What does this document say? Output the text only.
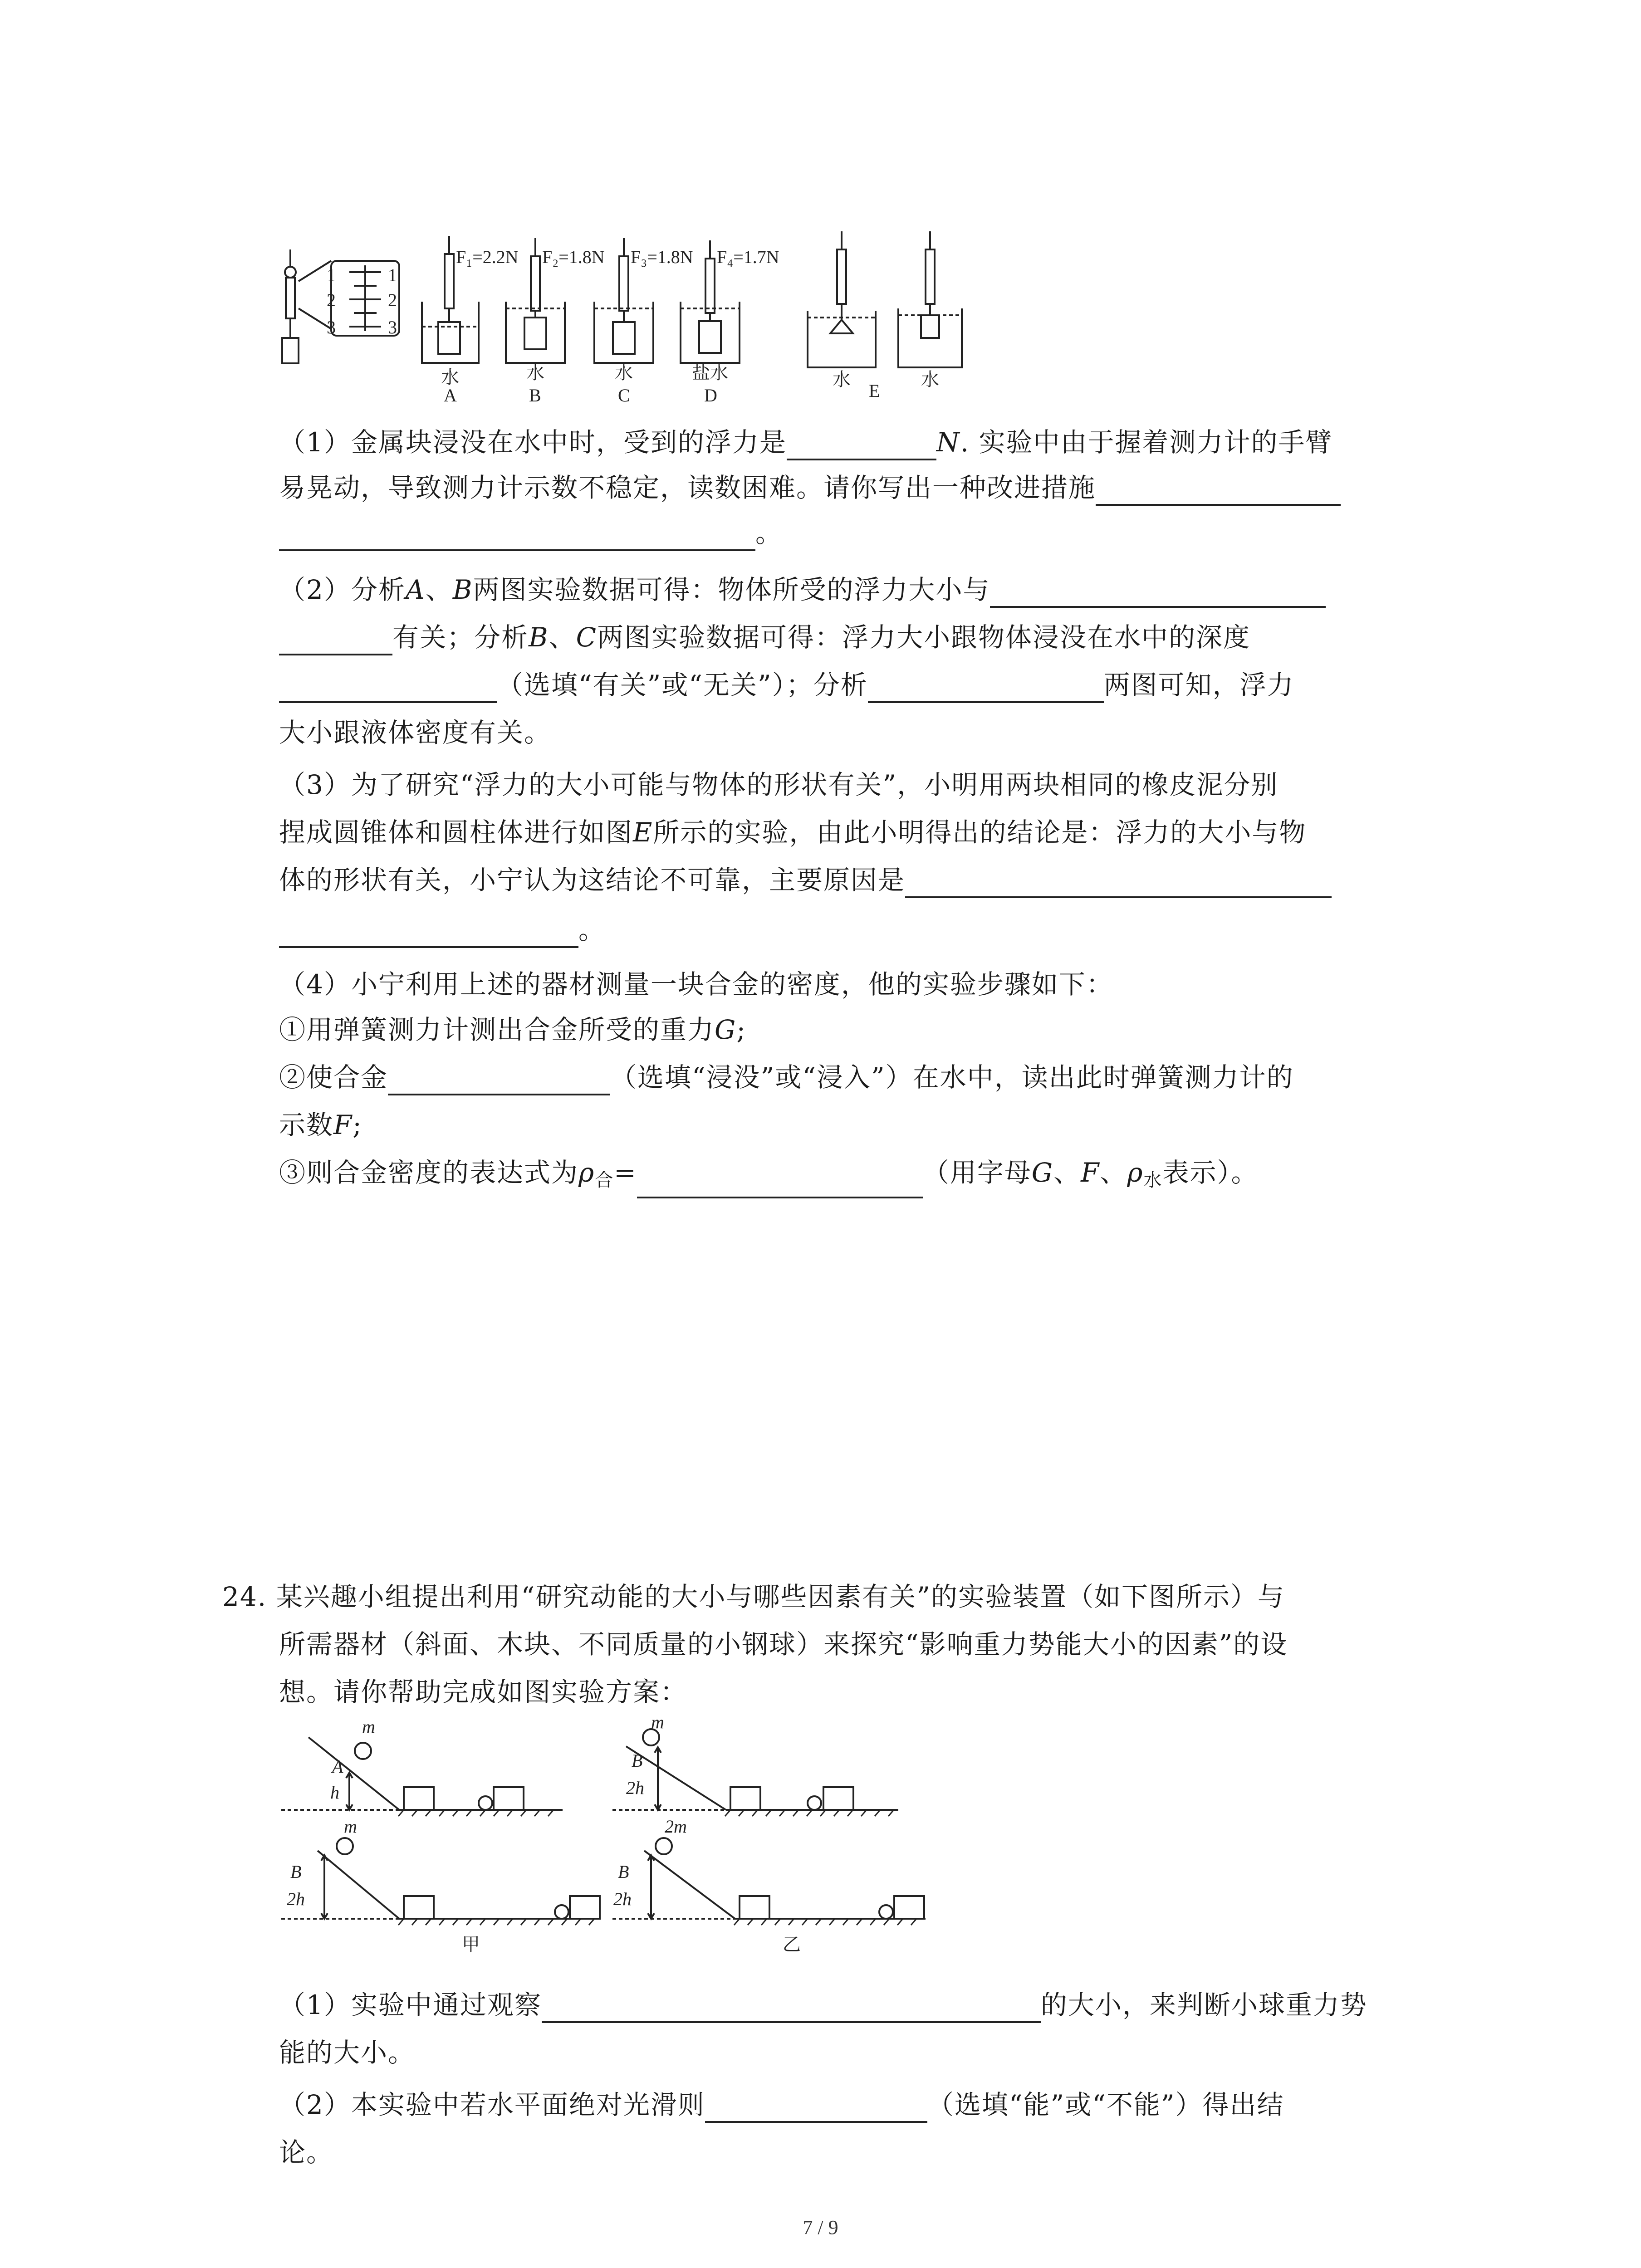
1
2
3
1
2
3
F₁=2.2N F₂=1.8N F₃=1.8N F₄=1.7N
水	水	水	盐水	水	水
A	B	C	D	E
（1）金属块浸没在水中时，受到的浮力是	N. 实验中由于握着测力计的手臂
易晃动，导致测力计示数不稳定，读数困难。请你写出一种改进措施
。
（2）分析A、B两图实验数据可得：物体所受的浮力大小与
有关；分析B、C两图实验数据可得：浮力大小跟物体浸没在水中的深度
（选填“有关”或“无关”）；分析	两图可知，浮力
大小跟液体密度有关。
（3）为了研究“浮力的大小可能与物体的形状有关”，小明用两块相同的橡皮泥分别
捏成圆锥体和圆柱体进行如图E所示的实验，由此小明得出的结论是：浮力的大小与物
体的形状有关，小宁认为这结论不可靠，主要原因是
。
（4）小宁利用上述的器材测量一块合金的密度，他的实验步骤如下：
①用弹簧测力计测出合金所受的重力G;
②使合金	（选填“浸没”或“浸入”）在水中，读出此时弹簧测力计的
示数F;
③则合金密度的表达式为$\rho_合=$	（用字母G、F、$\rho_水$表示）。
24. 某兴趣小组提出利用“研究动能的大小与哪些因素有关”的实验装置（如下图所示）与
所需器材（斜面、木块、不同质量的小钢球）来探究“影响重力势能大小的因素”的设
想。请你帮助完成如图实验方案：
m
A
h
m
B
2h
m
B
2h
2m
B
2h
甲	乙
（1）实验中通过观察	的大小，来判断小球重力势
能的大小。
（2）本实验中若水平面绝对光滑则	（选填“能”或“不能”）得出结
论。
7 / 9
